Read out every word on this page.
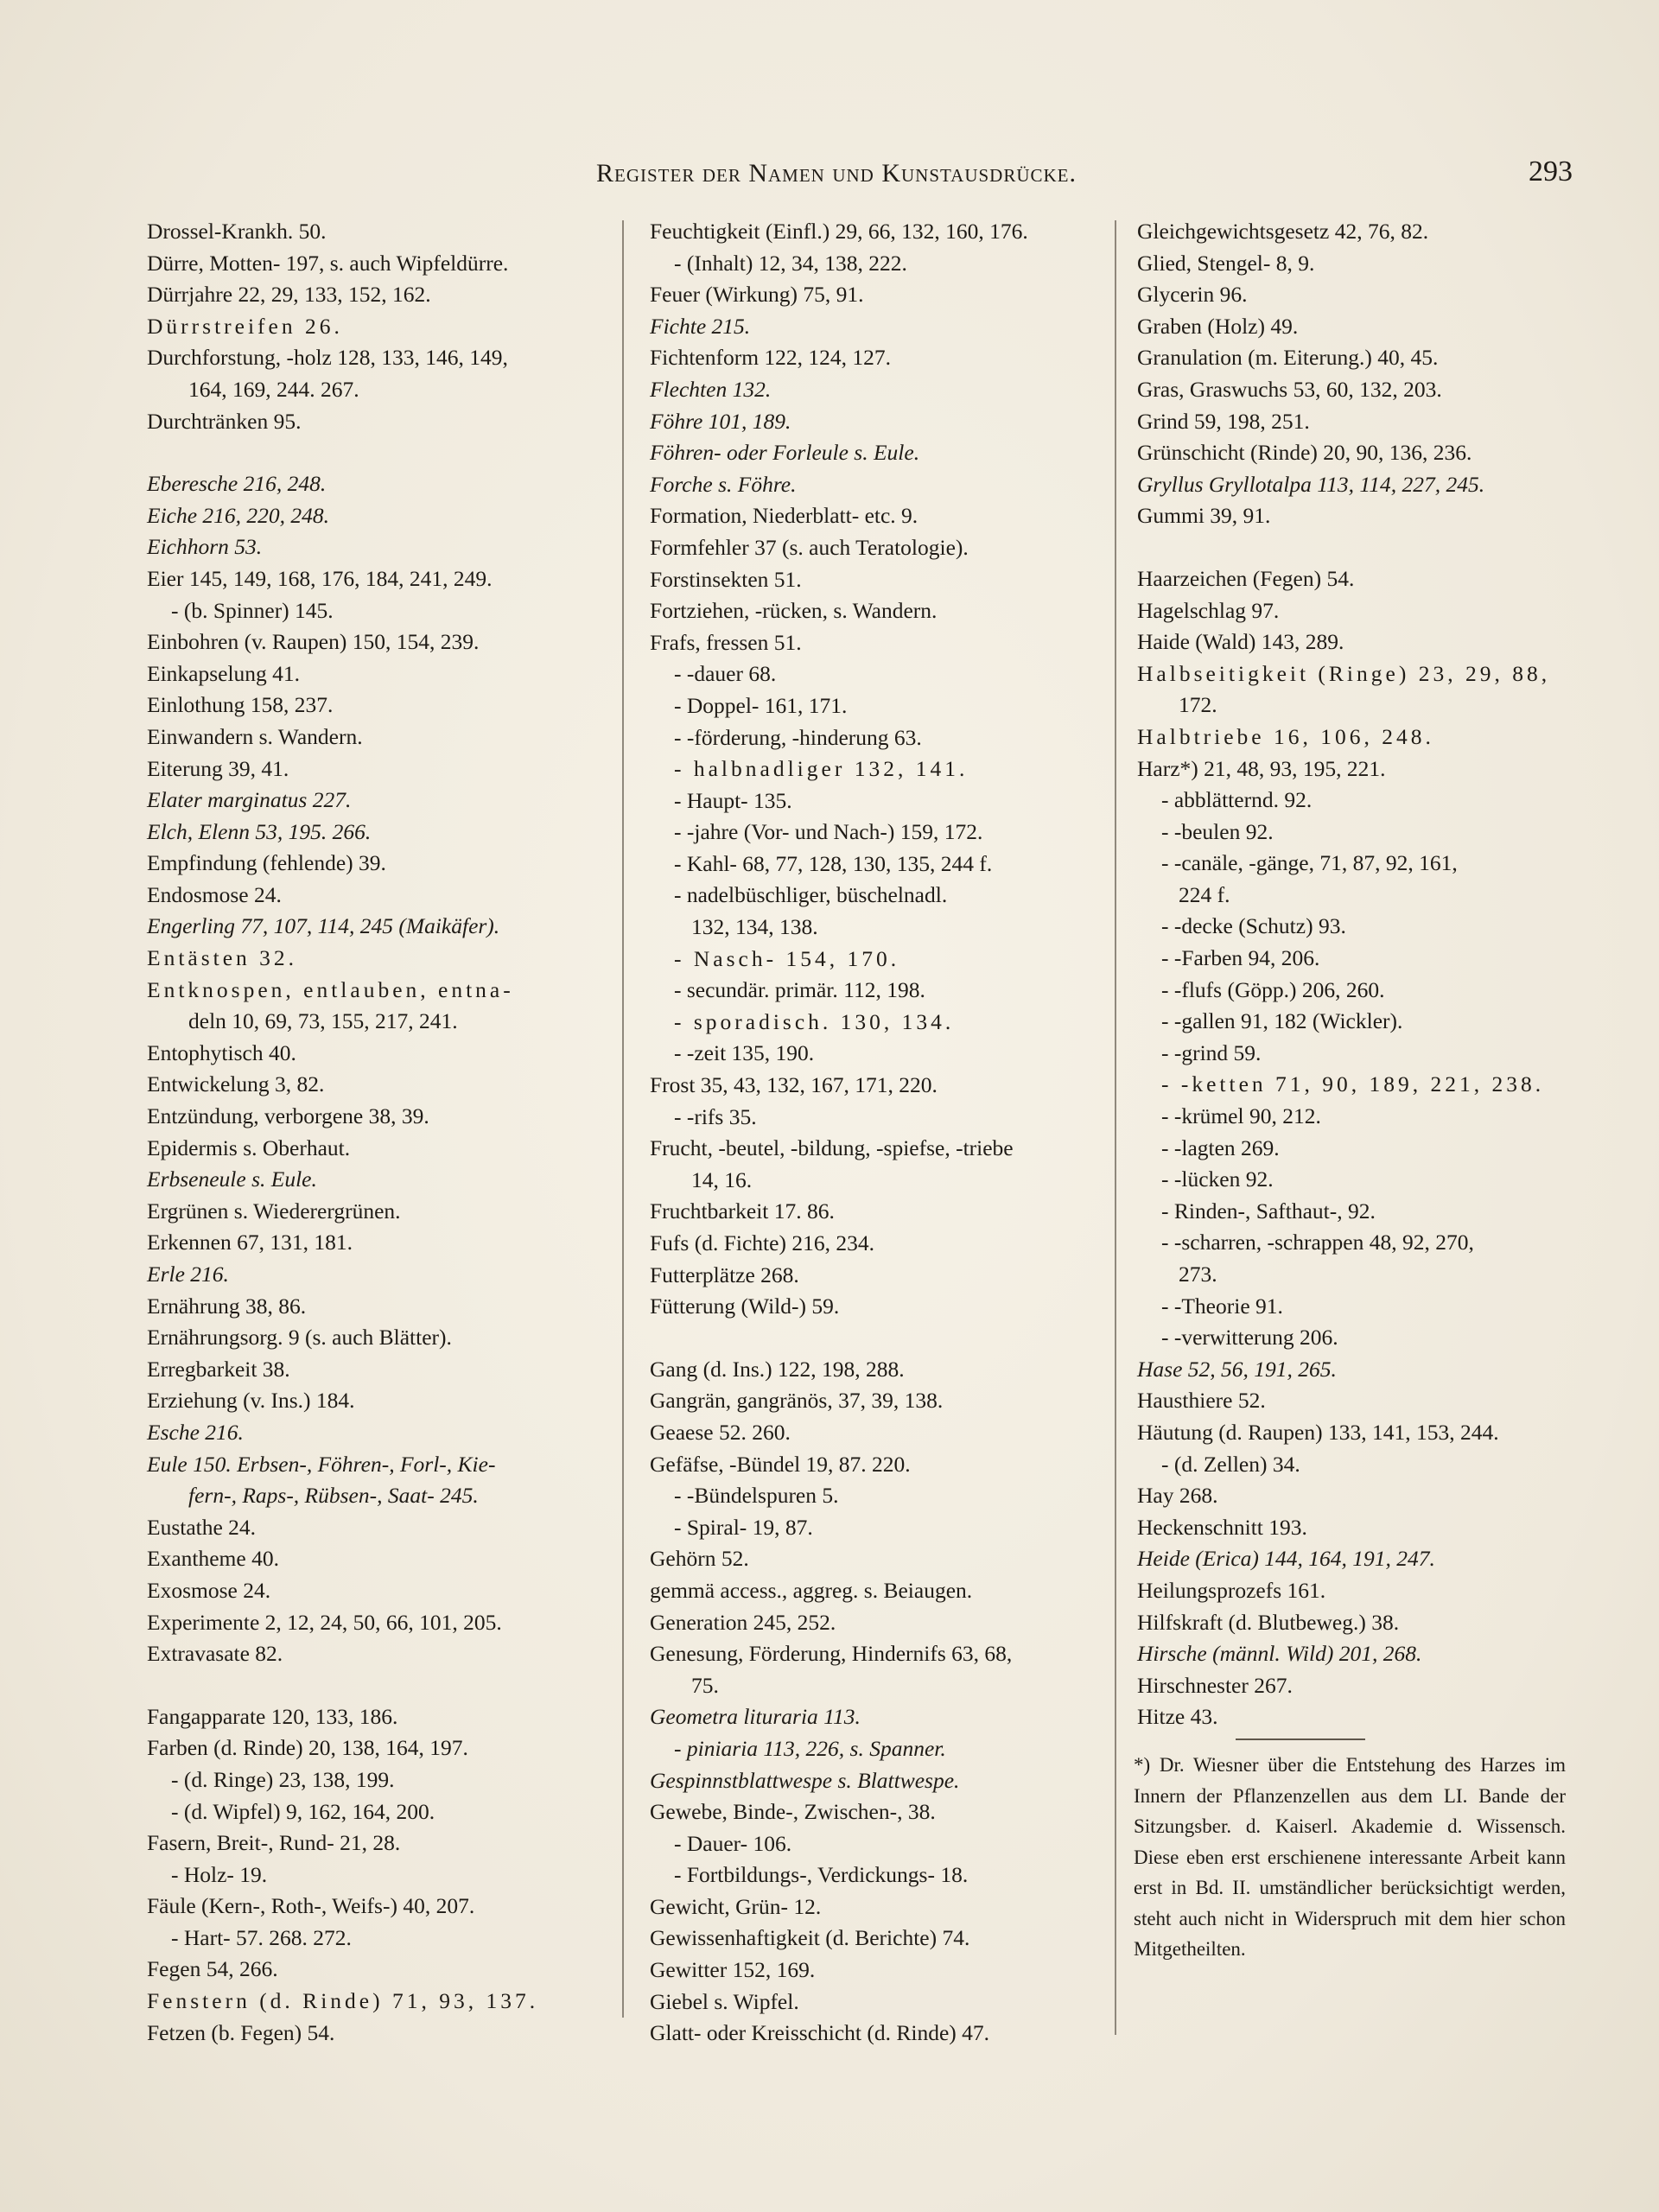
Register der Namen und Kunstausdrücke.	293
Drossel-Krankh. 50.
Dürre, Motten- 197, s. auch Wipfeldürre.
Dürrjahre 22, 29, 133, 152, 162.
Dürrstreifen 26.
Durchforstung, -holz 128, 133, 146, 149,
164, 169, 244. 267.
Durchtränken 95.
Eberesche 216, 248.
Eiche 216, 220, 248.
Eichhorn 53.
Eier 145, 149, 168, 176, 184, 241, 249.
- (b. Spinner) 145.
Einbohren (v. Raupen) 150, 154, 239.
Einkapselung 41.
Einlothung 158, 237.
Einwandern s. Wandern.
Eiterung 39, 41.
Elater marginatus 227.
Elch, Elenn 53, 195. 266.
Empfindung (fehlende) 39.
Endosmose 24.
Engerling 77, 107, 114, 245 (Maikäfer).
Entästen 32.
Entknospen, entlauben, entna-
deln 10, 69, 73, 155, 217, 241.
Entophytisch 40.
Entwickelung 3, 82.
Entzündung, verborgene 38, 39.
Epidermis s. Oberhaut.
Erbseneule s. Eule.
Ergrünen s. Wiederergrünen.
Erkennen 67, 131, 181.
Erle 216.
Ernährung 38, 86.
Ernährungsorg. 9 (s. auch Blätter).
Erregbarkeit 38.
Erziehung (v. Ins.) 184.
Esche 216.
Eule 150. Erbsen-, Föhren-, Forl-, Kie-
fern-, Raps-, Rübsen-, Saat- 245.
Eustathe 24.
Exantheme 40.
Exosmose 24.
Experimente 2, 12, 24, 50, 66, 101, 205.
Extravasate 82.
Fangapparate 120, 133, 186.
Farben (d. Rinde) 20, 138, 164, 197.
- (d. Ringe) 23, 138, 199.
- (d. Wipfel) 9, 162, 164, 200.
Fasern, Breit-, Rund- 21, 28.
- Holz- 19.
Fäule (Kern-, Roth-, Weifs-) 40, 207.
- Hart- 57. 268. 272.
Fegen 54, 266.
Fenstern (d. Rinde) 71, 93, 137.
Fetzen (b. Fegen) 54.
Feuchtigkeit (Einfl.) 29, 66, 132, 160, 176.
- (Inhalt) 12, 34, 138, 222.
Feuer (Wirkung) 75, 91.
Fichte 215.
Fichtenform 122, 124, 127.
Flechten 132.
Föhre 101, 189.
Föhren- oder Forleule s. Eule.
Forche s. Föhre.
Formation, Niederblatt- etc. 9.
Formfehler 37 (s. auch Teratologie).
Forstinsekten 51.
Fortziehen, -rücken, s. Wandern.
Frafs, fressen 51.
- -dauer 68.
- Doppel- 161, 171.
- -förderung, -hinderung 63.
- halbnadliger 132, 141.
- Haupt- 135.
- -jahre (Vor- und Nach-) 159, 172.
- Kahl- 68, 77, 128, 130, 135, 244 f.
- nadelbüschliger, büschelnadl.
132, 134, 138.
- Nasch- 154, 170.
- secundär. primär. 112, 198.
- sporadisch. 130, 134.
- -zeit 135, 190.
Frost 35, 43, 132, 167, 171, 220.
- -rifs 35.
Frucht, -beutel, -bildung, -spiefse, -triebe
14, 16.
Fruchtbarkeit 17. 86.
Fufs (d. Fichte) 216, 234.
Futterplätze 268.
Fütterung (Wild-) 59.
Gang (d. Ins.) 122, 198, 288.
Gangrän, gangränös, 37, 39, 138.
Geaese 52. 260.
Gefäfse, -Bündel 19, 87. 220.
- -Bündelspuren 5.
- Spiral- 19, 87.
Gehörn 52.
gemmä access., aggreg. s. Beiaugen.
Generation 245, 252.
Genesung, Förderung, Hindernifs 63, 68,
75.
Geometra lituraria 113.
- piniaria 113, 226, s. Spanner.
Gespinnstblattwespe s. Blattwespe.
Gewebe, Binde-, Zwischen-, 38.
- Dauer- 106.
- Fortbildungs-, Verdickungs- 18.
Gewicht, Grün- 12.
Gewissenhaftigkeit (d. Berichte) 74.
Gewitter 152, 169.
Giebel s. Wipfel.
Glatt- oder Kreisschicht (d. Rinde) 47.
Gleichgewichtsgesetz 42, 76, 82.
Glied, Stengel- 8, 9.
Glycerin 96.
Graben (Holz) 49.
Granulation (m. Eiterung.) 40, 45.
Gras, Graswuchs 53, 60, 132, 203.
Grind 59, 198, 251.
Grünschicht (Rinde) 20, 90, 136, 236.
Gryllus Gryllotalpa 113, 114, 227, 245.
Gummi 39, 91.
Haarzeichen (Fegen) 54.
Hagelschlag 97.
Haide (Wald) 143, 289.
Halbseitigkeit (Ringe) 23, 29, 88,
172.
Halbtriebe 16, 106, 248.
Harz*) 21, 48, 93, 195, 221.
- abblätternd. 92.
- -beulen 92.
- -canäle, -gänge, 71, 87, 92, 161,
224 f.
- -decke (Schutz) 93.
- -Farben 94, 206.
- -flufs (Göpp.) 206, 260.
- -gallen 91, 182 (Wickler).
- -grind 59.
- -ketten 71, 90, 189, 221, 238.
- -krümel 90, 212.
- -lagten 269.
- -lücken 92.
- Rinden-, Safthaut-, 92.
- -scharren, -schrappen 48, 92, 270,
273.
- -Theorie 91.
- -verwitterung 206.
Hase 52, 56, 191, 265.
Hausthiere 52.
Häutung (d. Raupen) 133, 141, 153, 244.
- (d. Zellen) 34.
Hay 268.
Heckenschnitt 193.
Heide (Erica) 144, 164, 191, 247.
Heilungsprozefs 161.
Hilfskraft (d. Blutbeweg.) 38.
Hirsche (männl. Wild) 201, 268.
Hirschnester 267.
Hitze 43.
*) Dr. Wiesner über die Entstehung des Harzes im Innern der Pflanzenzellen aus dem LI. Bande der Sitzungsber. d. Kaiserl. Akademie d. Wissensch. Diese eben erst erschienene interessante Arbeit kann erst in Bd. II. umständlicher berücksichtigt werden, steht auch nicht in Widerspruch mit dem hier schon Mitgetheilten.
